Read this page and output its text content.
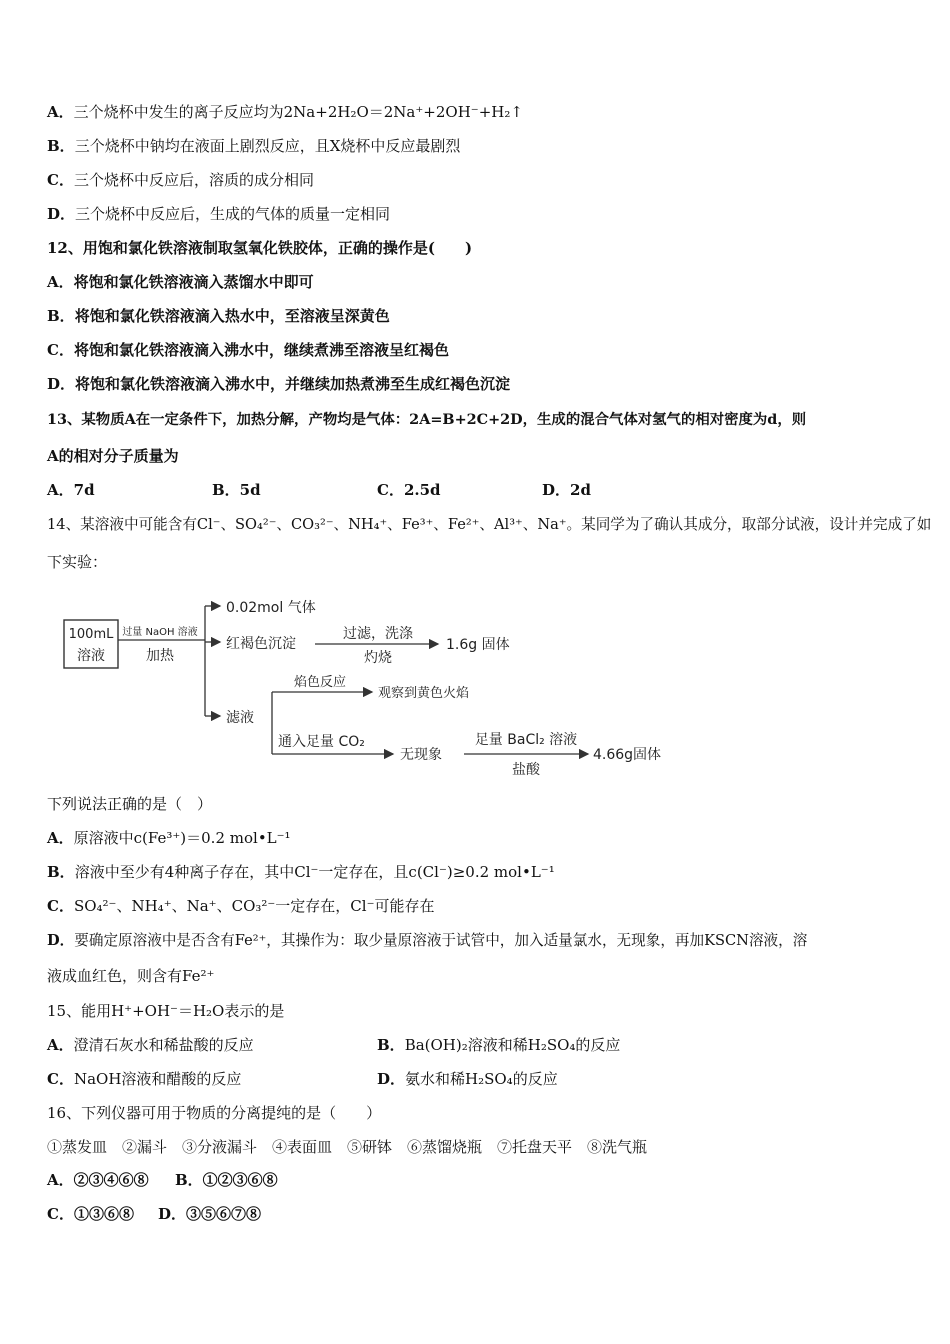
A．三个烧杯中发生的离子反应均为2Na+2H₂O＝2Na⁺+2OH⁻+H₂↑
B．三个烧杯中钠均在液面上剧烈反应，且X烧杯中反应最剧烈
C．三个烧杯中反应后，溶质的成分相同
D．三个烧杯中反应后，生成的气体的质量一定相同
12、用饱和氯化铁溶液制取氢氧化铁胶体，正确的操作是(　　)
A．将饱和氯化铁溶液滴入蒸馏水中即可
B．将饱和氯化铁溶液滴入热水中，至溶液呈深黄色
C．将饱和氯化铁溶液滴入沸水中，继续煮沸至溶液呈红褐色
D．将饱和氯化铁溶液滴入沸水中，并继续加热煮沸至生成红褐色沉淀
13、某物质A在一定条件下，加热分解，产物均是气体：2A=B+2C+2D，生成的混合气体对氢气的相对密度为d，则
A的相对分子质量为
A．7d	B．5d	C．2.5d	D．2d
14、某溶液中可能含有Cl⁻、SO₄²⁻、CO₃²⁻、NH₄⁺、Fe³⁺、Fe²⁺、Al³⁺、Na⁺。某同学为了确认其成分，取部分试液，设计并完成了如
下实验：
100mL
溶液
过量 NaOH 溶液
加热
0.02mol 气体
红褐色沉淀
过滤，洗涤
灼烧
1.6g 固体
滤液
焰色反应
观察到黄色火焰
通入足量 CO₂
无现象
足量 BaCl₂ 溶液
盐酸
4.66g固体
下列说法正确的是（　）
A．原溶液中c(Fe³⁺)＝0.2 mol•L⁻¹
B．溶液中至少有4种离子存在，其中Cl⁻一定存在，且c(Cl⁻)≥0.2 mol•L⁻¹
C．SO₄²⁻、NH₄⁺、Na⁺、CO₃²⁻一定存在，Cl⁻可能存在
D．要确定原溶液中是否含有Fe²⁺，其操作为：取少量原溶液于试管中，加入适量氯水，无现象，再加KSCN溶液，溶
液成血红色，则含有Fe²⁺
15、能用H⁺+OH⁻＝H₂O表示的是
A．澄清石灰水和稀盐酸的反应	B．Ba(OH)₂溶液和稀H₂SO₄的反应
C．NaOH溶液和醋酸的反应	D．氨水和稀H₂SO₄的反应
16、下列仪器可用于物质的分离提纯的是（　　）
①蒸发皿　②漏斗　③分液漏斗　④表面皿　⑤研钵　⑥蒸馏烧瓶　⑦托盘天平　⑧洗气瓶
A．②③④⑥⑧ B．①②③⑥⑧
C．①③⑥⑧ D．③⑤⑥⑦⑧
